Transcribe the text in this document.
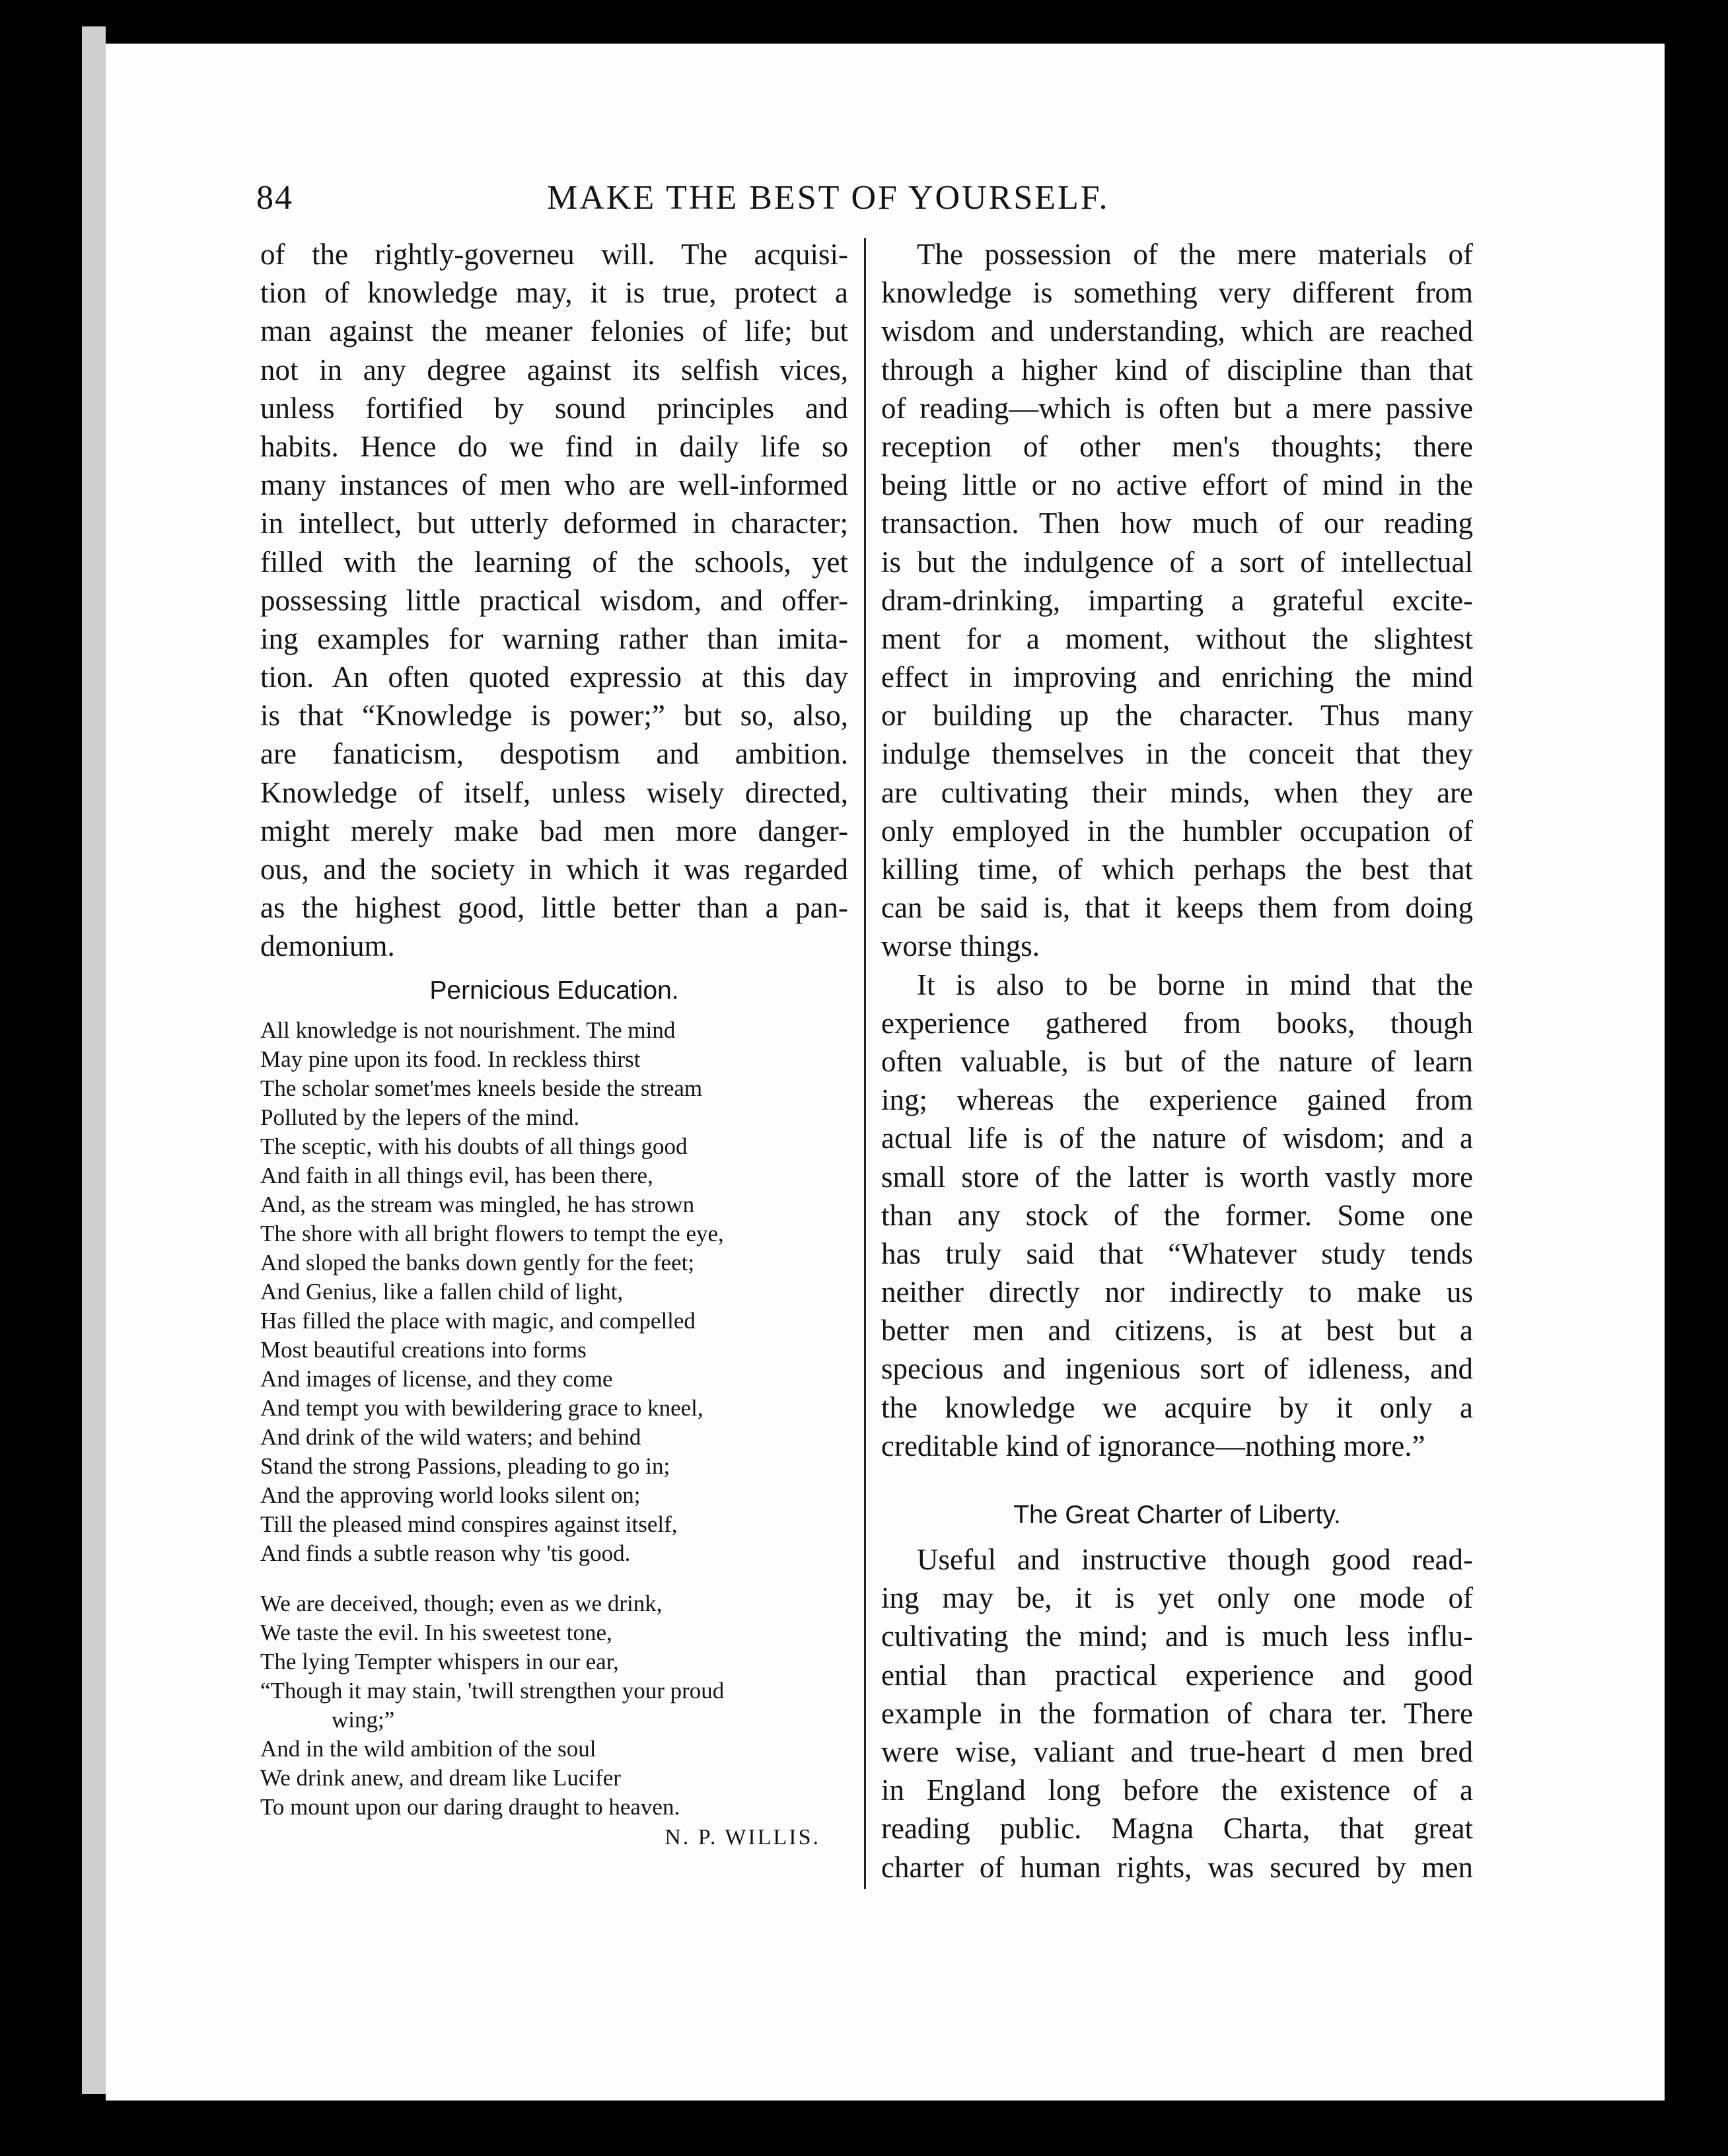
84	MAKE THE BEST OF YOURSELF.
of the rightly-governeu will. The acquisi-
tion of knowledge may, it is true, protect a
man against the meaner felonies of life; but
not in any degree against its selfish vices,
unless fortified by sound principles and
habits. Hence do we find in daily life so
many instances of men who are well-informed
in intellect, but utterly deformed in character;
filled with the learning of the schools, yet
possessing little practical wisdom, and offer-
ing examples for warning rather than imita-
tion. An often quoted expressio at this day
is that “Knowledge is power;” but so, also,
are fanaticism, despotism and ambition.
Knowledge of itself, unless wisely directed,
might merely make bad men more danger-
ous, and the society in which it was regarded
as the highest good, little better than a pan-
demonium.
Pernicious Education.
All knowledge is not nourishment. The mind
May pine upon its food. In reckless thirst
The scholar somet'mes kneels beside the stream
Polluted by the lepers of the mind.
The sceptic, with his doubts of all things good
And faith in all things evil, has been there,
And, as the stream was mingled, he has strown
The shore with all bright flowers to tempt the eye,
And sloped the banks down gently for the feet;
And Genius, like a fallen child of light,
Has filled the place with magic, and compelled
Most beautiful creations into forms
And images of license, and they come
And tempt you with bewildering grace to kneel,
And drink of the wild waters; and behind
Stand the strong Passions, pleading to go in;
And the approving world looks silent on;
Till the pleased mind conspires against itself,
And finds a subtle reason why 'tis good.
We are deceived, though; even as we drink,
We taste the evil. In his sweetest tone,
The lying Tempter whispers in our ear,
“Though it may stain, 'twill strengthen your proud
wing;”
And in the wild ambition of the soul
We drink anew, and dream like Lucifer
To mount upon our daring draught to heaven.
N. P. WILLIS.
The possession of the mere materials of
knowledge is something very different from
wisdom and understanding, which are reached
through a higher kind of discipline than that
of reading—which is often but a mere passive
reception of other men's thoughts; there
being little or no active effort of mind in the
transaction. Then how much of our reading
is but the indulgence of a sort of intellectual
dram-drinking, imparting a grateful excite-
ment for a moment, without the slightest
effect in improving and enriching the mind
or building up the character. Thus many
indulge themselves in the conceit that they
are cultivating their minds, when they are
only employed in the humbler occupation of
killing time, of which perhaps the best that
can be said is, that it keeps them from doing
worse things.
It is also to be borne in mind that the
experience gathered from books, though
often valuable, is but of the nature of learn
ing; whereas the experience gained from
actual life is of the nature of wisdom; and a
small store of the latter is worth vastly more
than any stock of the former. Some one
has truly said that “Whatever study tends
neither directly nor indirectly to make us
better men and citizens, is at best but a
specious and ingenious sort of idleness, and
the knowledge we acquire by it only a
creditable kind of ignorance—nothing more.”
The Great Charter of Liberty.
Useful and instructive though good read-
ing may be, it is yet only one mode of
cultivating the mind; and is much less influ-
ential than practical experience and good
example in the formation of chara ter. There
were wise, valiant and true-heart d men bred
in England long before the existence of a
reading public. Magna Charta, that great
charter of human rights, was secured by men
